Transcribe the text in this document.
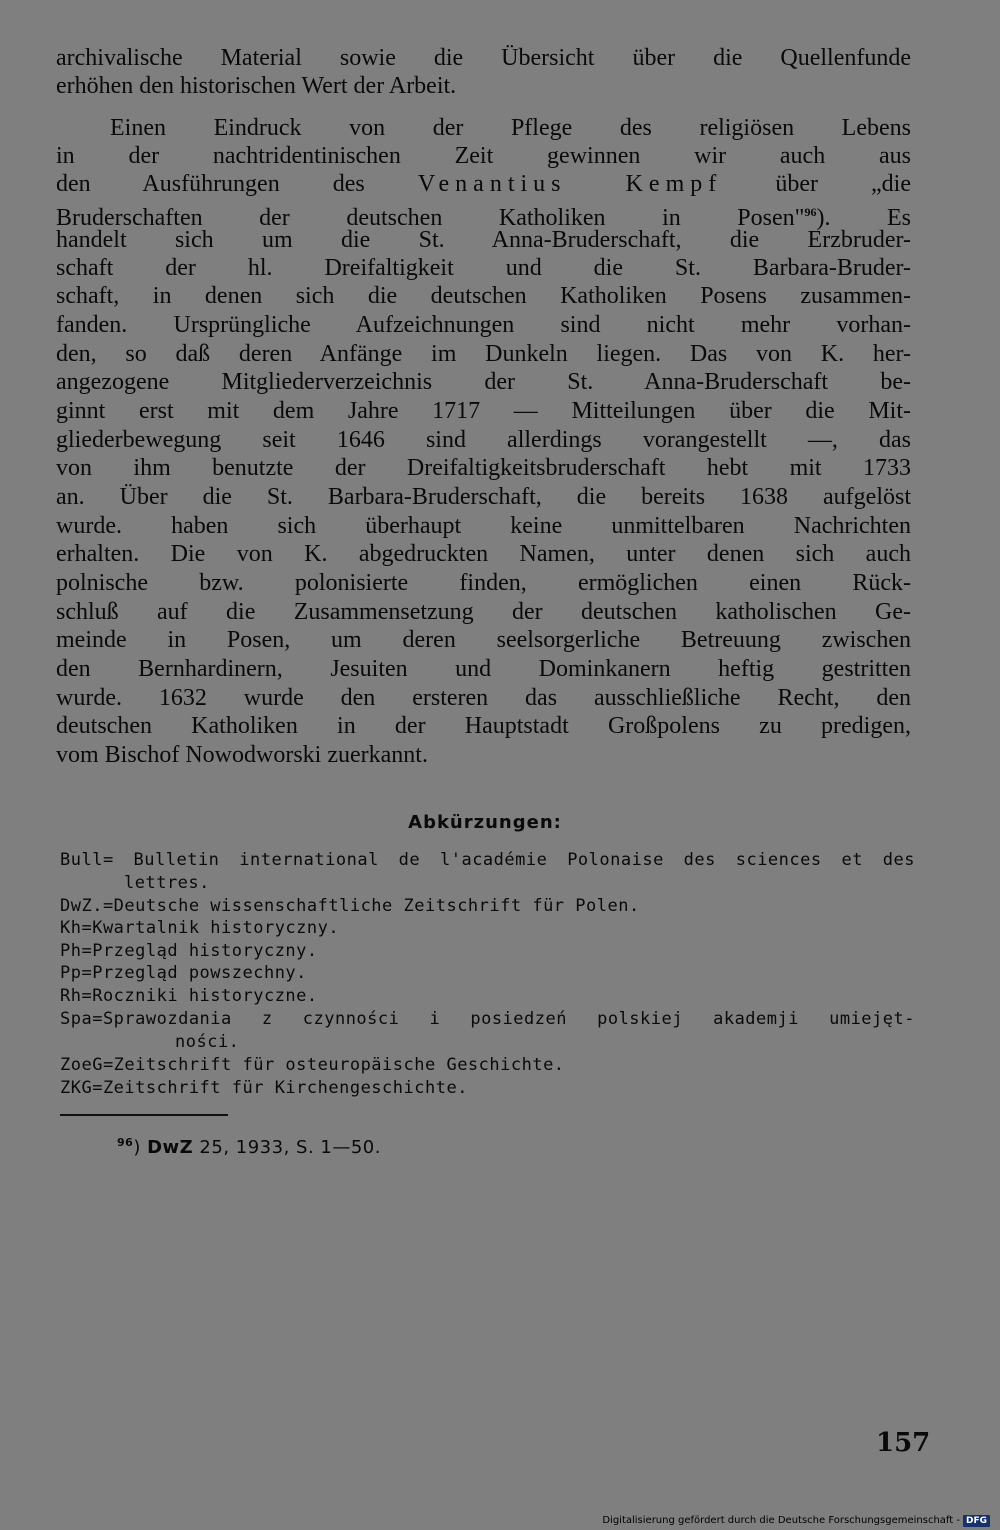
archivalische Material sowie die Übersicht über die Quellenfunde
erhöhen den historischen Wert der Arbeit.
Einen Eindruck von der Pflege des religiösen Lebens
in der nachtridentinischen Zeit gewinnen wir auch aus
den Ausführungen des Venantius Kempf über „die
Bruderschaften der deutschen Katholiken in Posen"$^{96}$). Es
handelt sich um die St. Anna-Bruderschaft, die Erzbruder-
schaft der hl. Dreifaltigkeit und die St. Barbara-Bruder-
schaft, in denen sich die deutschen Katholiken Posens zusammen-
fanden. Ursprüngliche Aufzeichnungen sind nicht mehr vorhan-
den, so daß deren Anfänge im Dunkeln liegen. Das von K. her-
angezogene Mitgliederverzeichnis der St. Anna-Bruderschaft be-
ginnt erst mit dem Jahre 1717 — Mitteilungen über die Mit-
gliederbewegung seit 1646 sind allerdings vorangestellt —, das
von ihm benutzte der Dreifaltigkeitsbruderschaft hebt mit 1733
an. Über die St. Barbara-Bruderschaft, die bereits 1638 aufgelöst
wurde. haben sich überhaupt keine unmittelbaren Nachrichten
erhalten. Die von K. abgedruckten Namen, unter denen sich auch
polnische bzw. polonisierte finden, ermöglichen einen Rück-
schluß auf die Zusammensetzung der deutschen katholischen Ge-
meinde in Posen, um deren seelsorgerliche Betreuung zwischen
den Bernhardinern, Jesuiten und Dominkanern heftig gestritten
wurde. 1632 wurde den ersteren das ausschließliche Recht, den
deutschen Katholiken in der Hauptstadt Großpolens zu predigen,
vom Bischof Nowodworski zuerkannt.
Abkürzungen:
Bull= Bulletin international de l'académie Polonaise des sciences et des
lettres.
DwZ.=Deutsche wissenschaftliche Zeitschrift für Polen.
Kh=Kwartalnik historyczny.
Ph=Przegląd historyczny.
Pp=Przegląd powszechny.
Rh=Roczniki historyczne.
Spa=Sprawozdania z czynności i posiedzeń polskiej akademji umiejęt-
ności.
ZoeG=Zeitschrift für osteuropäische Geschichte.
ZKG=Zeitschrift für Kirchengeschichte.
$^{96}$) DwZ 25, 1933, S. 1—50.
157
Digitalisierung gefördert durch die Deutsche Forschungsgemeinschaft - DFG
